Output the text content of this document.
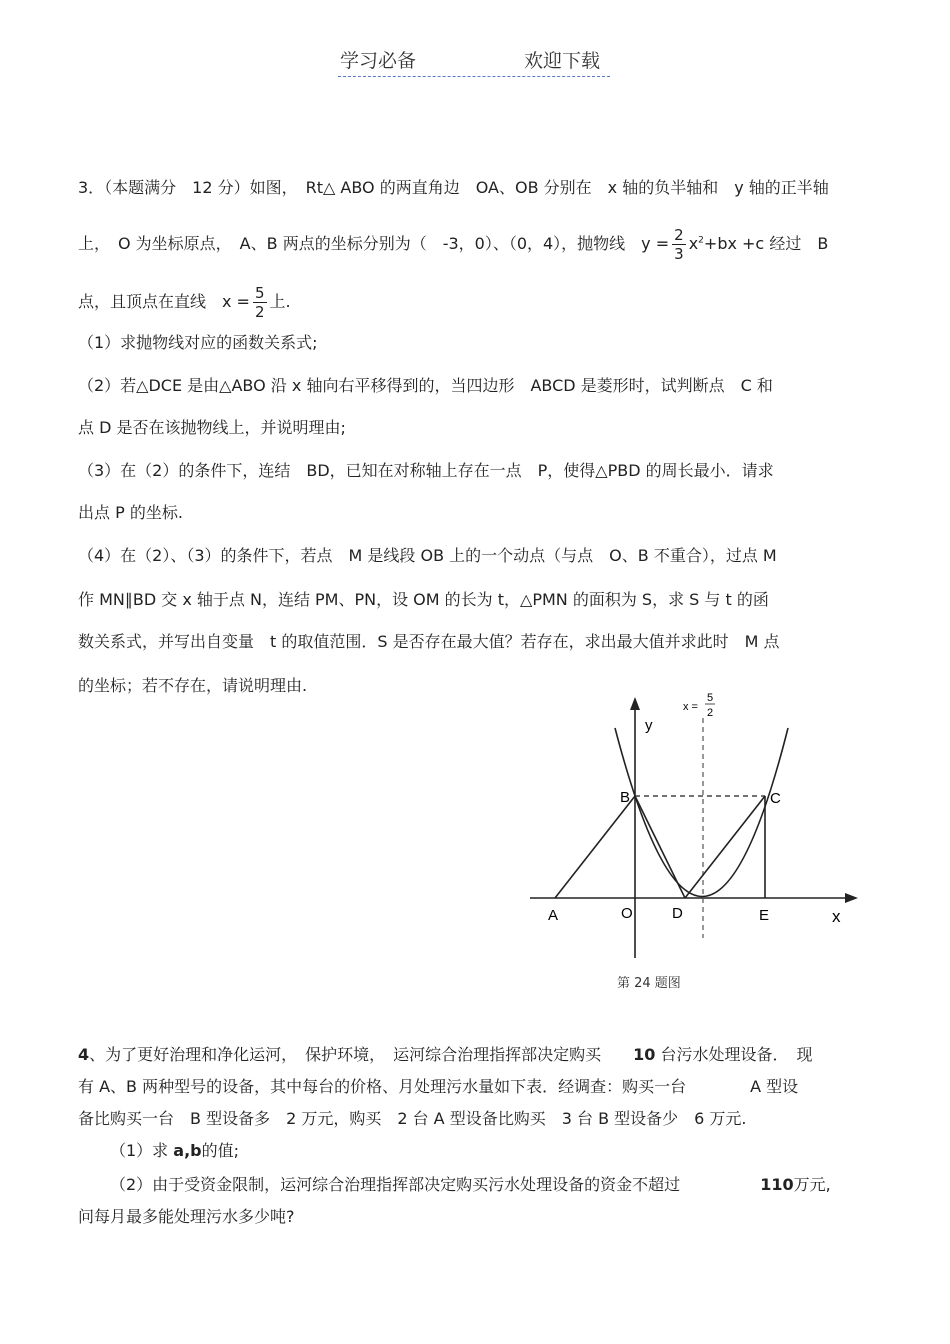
学习必备	欢迎下载
3．（本题满分　12 分）如图，　Rt△ ABO 的两直角边　OA、OB 分别在　x 轴的负半轴和　y 轴的正半轴
上，　O 为坐标原点，　A、B 两点的坐标分别为（　-3，0）、（0，4），抛物线　$y = \frac{2}{3} x^2+bx +c$ 经过　B
点，且顶点在直线　$x = \frac{5}{2}$ 上.
（1）求抛物线对应的函数关系式;
（2）若△DCE 是由△ABO 沿 x 轴向右平移得到的，当四边形　ABCD 是菱形时，试判断点　C 和
点 D 是否在该抛物线上，并说明理由;
（3）在（2）的条件下，连结　BD，已知在对称轴上存在一点　P，使得△PBD 的周长最小．请求
出点 P 的坐标.
（4）在（2）、（3）的条件下，若点　M 是线段 OB 上的一个动点（与点　O、B 不重合），过点 M
作 MN∥BD 交 x 轴于点 N，连结 PM、PN，设 OM 的长为 t，△PMN 的面积为 S，求 S 与 t 的函
数关系式，并写出自变量　t 的取值范围．S 是否存在最大值？若存在，求出最大值并求此时　M 点
的坐标；若不存在，请说明理由.
y
x
A	O	D	E
B	C
x =
5
2
第 24 题图
4、为了更好治理和净化运河，　保护环境，　运河综合治理指挥部决定购买　　 10 台污水处理设备．　现
有 A、B 两种型号的设备，其中每台的价格、月处理污水量如下表．经调查：购买一台　　　　A 型设
备比购买一台　B 型设备多　2 万元，购买　2 台 A 型设备比购买　3 台 B 型设备少　6 万元.
（1）求 a,b的值;
（2）由于受资金限制，运河综合治理指挥部决定购买污水处理设备的资金不超过　　　　　	110万元,
问每月最多能处理污水多少吨?
